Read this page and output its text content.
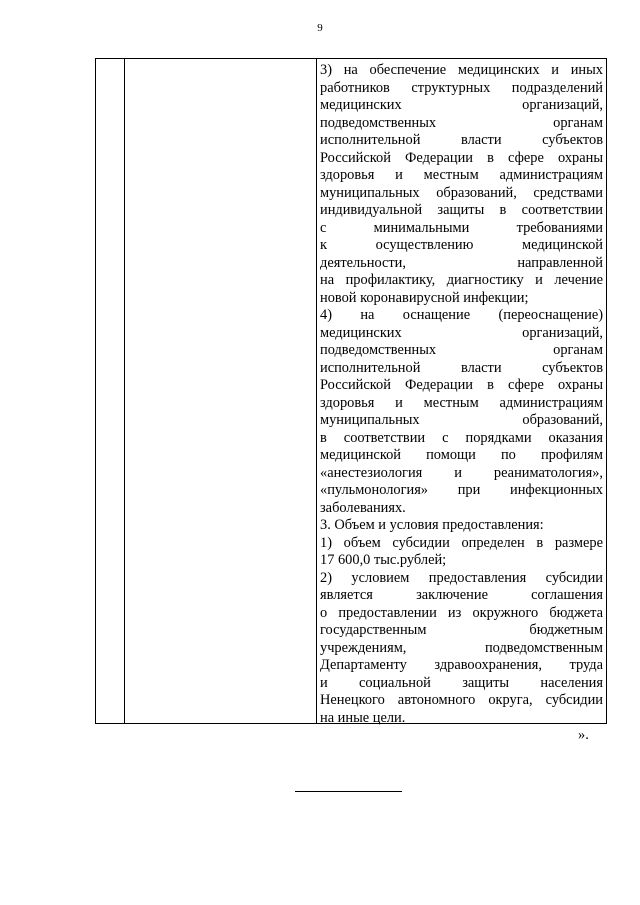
9
3) на обеспечение медицинских и иных
работников структурных подразделений
медицинских организаций,
подведомственных органам
исполнительной власти субъектов
Российской Федерации в сфере охраны
здоровья и местным администрациям
муниципальных образований, средствами
индивидуальной защиты в соответствии
с минимальными требованиями
к осуществлению медицинской
деятельности, направленной
на профилактику, диагностику и лечение
новой коронавирусной инфекции;
4) на оснащение (переоснащение)
медицинских организаций,
подведомственных органам
исполнительной власти субъектов
Российской Федерации в сфере охраны
здоровья и местным администрациям
муниципальных образований,
в соответствии с порядками оказания
медицинской помощи по профилям
«анестезиология и реаниматология»,
«пульмонология» при инфекционных
заболеваниях.
3. Объем и условия предоставления:
1) объем субсидии определен в размере
17 600,0 тыс.рублей;
2) условием предоставления субсидии
является заключение соглашения
о предоставлении из окружного бюджета
государственным бюджетным
учреждениям, подведомственным
Департаменту здравоохранения, труда
и социальной защиты населения
Ненецкого автономного округа, субсидии
на иные цели.
».
